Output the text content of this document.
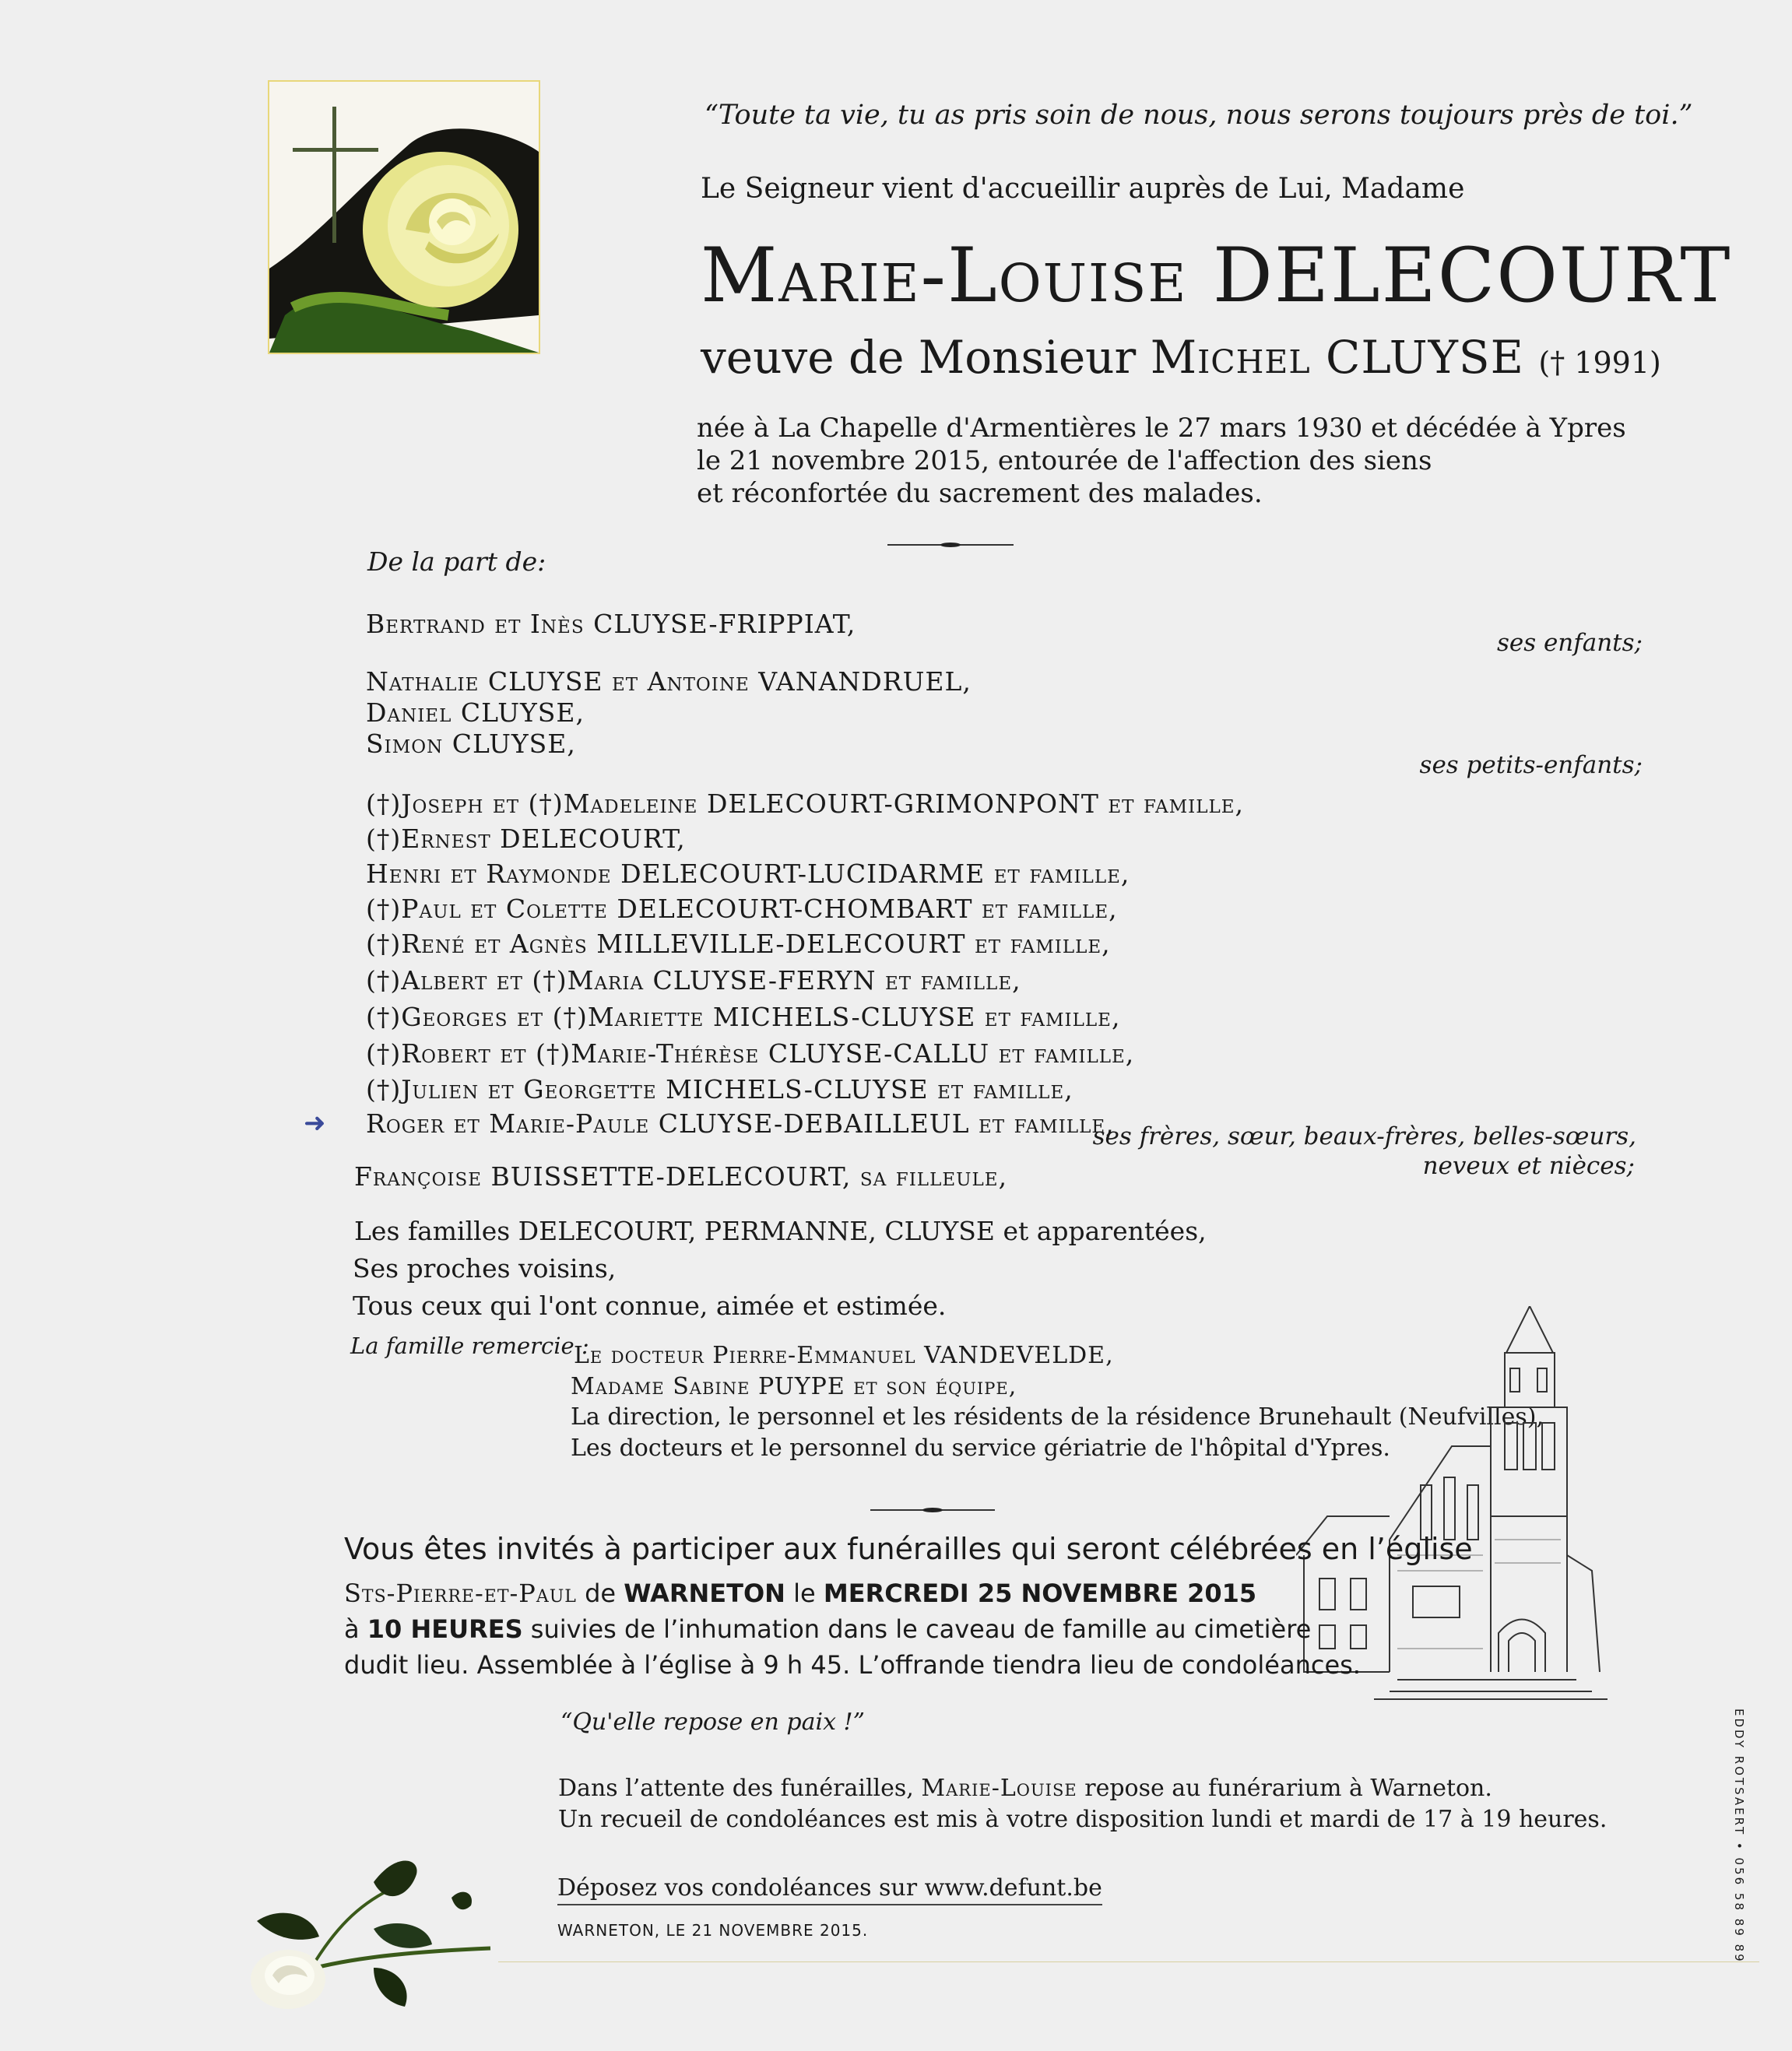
“Toute ta vie, tu as pris soin de nous, nous serons toujours près de toi.”
Le Seigneur vient d'accueillir auprès de Lui, Madame
Marie-Louise DELECOURT
veuve de Monsieur Michel CLUYSE († 1991)
née à La Chapelle d'Armentières le 27 mars 1930 et décédée à Ypres
le 21 novembre 2015, entourée de l'affection des siens
et réconfortée du sacrement des malades.
De la part de:
Bertrand et Inès CLUYSE-FRIPPIAT,
ses enfants;
Nathalie CLUYSE et Antoine VANANDRUEL,
Daniel CLUYSE,
Simon CLUYSE,
ses petits-enfants;
(†)Joseph et (†)Madeleine DELECOURT-GRIMONPONT et famille,
(†)Ernest DELECOURT,
Henri et Raymonde DELECOURT-LUCIDARME et famille,
(†)Paul et Colette DELECOURT-CHOMBART et famille,
(†)René et Agnès MILLEVILLE-DELECOURT et famille,
(†)Albert et (†)Maria CLUYSE-FERYN et famille,
(†)Georges et (†)Mariette MICHELS-CLUYSE et famille,
(†)Robert et (†)Marie-Thérèse CLUYSE-CALLU et famille,
(†)Julien et Georgette MICHELS-CLUYSE et famille,
➜ Roger et Marie-Paule CLUYSE-DEBAILLEUL et famille,
ses frères, sœur, beaux-frères, belles-sœurs,
neveux et nièces;
Françoise BUISSETTE-DELECOURT, sa filleule,
Les familles DELECOURT, PERMANNE, CLUYSE et apparentées,
Ses proches voisins,
Tous ceux qui l'ont connue, aimée et estimée.
La famille remercie :
Le docteur Pierre-Emmanuel VANDEVELDE,
Madame Sabine PUYPE et son équipe,
La direction, le personnel et les résidents de la résidence Brunehault (Neufvilles),
Les docteurs et le personnel du service gériatrie de l'hôpital d'Ypres.
Vous êtes invités à participer aux funérailles qui seront célébrées en l’église
Sts-Pierre-et-Paul de WARNETON le MERCREDI 25 NOVEMBRE 2015
à 10 HEURES suivies de l’inhumation dans le caveau de famille au cimetière
dudit lieu. Assemblée à l’église à 9 h 45. L’offrande tiendra lieu de condoléances.
“Qu'elle repose en paix !”
Dans l’attente des funérailles, Marie-Louise repose au funérarium à Warneton.
Un recueil de condoléances est mis à votre disposition lundi et mardi de 17 à 19 heures.
Déposez vos condoléances sur www.defunt.be
WARNETON, LE 21 NOVEMBRE 2015.	EDDY ROTSAERT • 056 58 89 89
